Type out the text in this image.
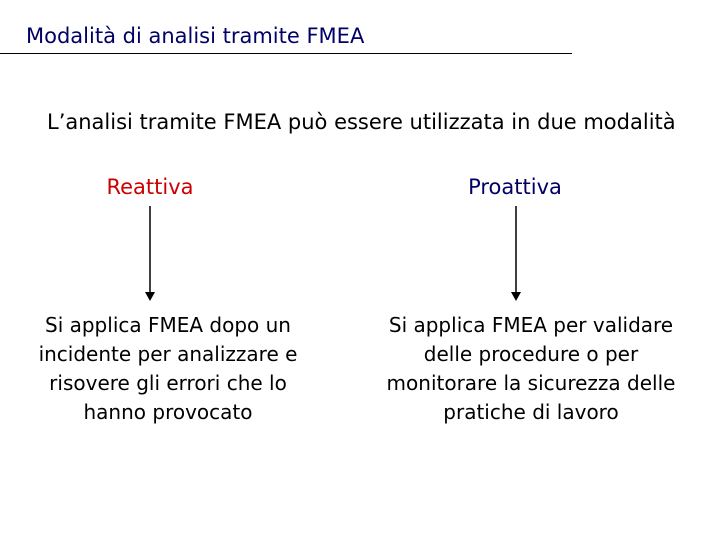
Modalità di analisi tramite FMEA
L’analisi tramite FMEA può essere utilizzata in due modalità
Reattiva	Proattiva
Si applica FMEA dopo un incidente per analizzare e risovere gli errori che lo hanno provocato
Si applica FMEA per validare delle procedure o per monitorare la sicurezza delle pratiche di lavoro
